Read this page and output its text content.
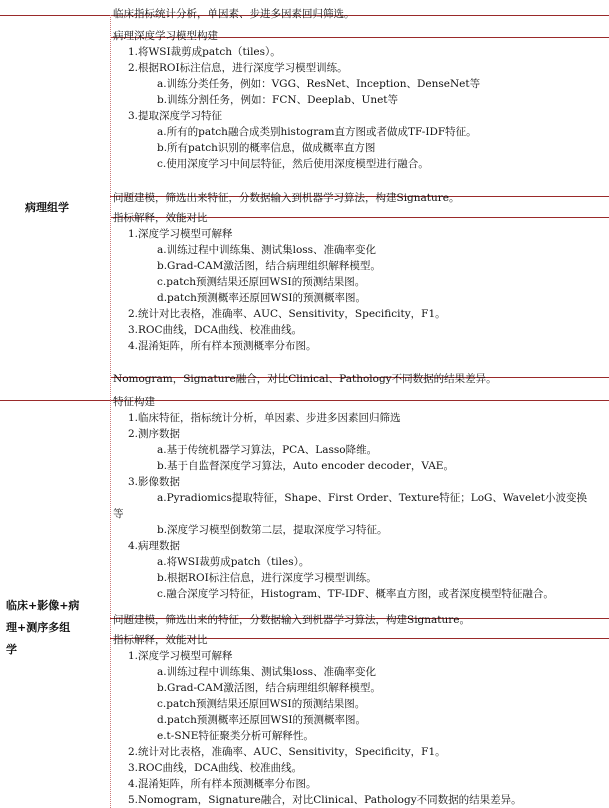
病理组学
临床+影像+病
理+测序多组
学
临床指标统计分析，单因素、步进多因素回归筛选。
病理深度学习模型构建
1.将WSI裁剪成patch（tiles）。
2.根据ROI标注信息，进行深度学习模型训练。
a.训练分类任务，例如：VGG、ResNet、Inception、DenseNet等
b.训练分割任务，例如：FCN、Deeplab、Unet等
3.提取深度学习特征
a.所有的patch融合成类别histogram直方图或者做成TF-IDF特征。
b.所有patch识别的概率信息，做成概率直方图
c.使用深度学习中间层特征，然后使用深度模型进行融合。
问题建模，筛选出来特征，分数据输入到机器学习算法，构建Signature。
指标解释，效能对比
1.深度学习模型可解释
a.训练过程中训练集、测试集loss、准确率变化
b.Grad-CAM激活图，结合病理组织解释模型。
c.patch预测结果还原回WSI的预测结果图。
d.patch预测概率还原回WSI的预测概率图。
2.统计对比表格，准确率、AUC、Sensitivity，Specificity，F1。
3.ROC曲线，DCA曲线、校准曲线。
4.混淆矩阵，所有样本预测概率分布图。
Nomogram，Signature融合，对比Clinical、Pathology不同数据的结果差异。
特征构建
1.临床特征，指标统计分析，单因素、步进多因素回归筛选
2.测序数据
a.基于传统机器学习算法，PCA、Lasso降维。
b.基于自监督深度学习算法，Auto encoder decoder，VAE。
3.影像数据
a.Pyradiomics提取特征，Shape、First Order、Texture特征；LoG、Wavelet小波变换
等
b.深度学习模型倒数第二层，提取深度学习特征。
4.病理数据
a.将WSI裁剪成patch（tiles）。
b.根据ROI标注信息，进行深度学习模型训练。
c.融合深度学习特征，Histogram、TF-IDF、概率直方图，或者深度模型特征融合。
问题建模，筛选出来的特征，分数据输入到机器学习算法，构建Signature。
指标解释，效能对比
1.深度学习模型可解释
a.训练过程中训练集、测试集loss、准确率变化
b.Grad-CAM激活图，结合病理组织解释模型。
c.patch预测结果还原回WSI的预测结果图。
d.patch预测概率还原回WSI的预测概率图。
e.t-SNE特征聚类分析可解释性。
2.统计对比表格，准确率、AUC、Sensitivity，Specificity，F1。
3.ROC曲线，DCA曲线、校准曲线。
4.混淆矩阵，所有样本预测概率分布图。
5.Nomogram，Signature融合，对比Clinical、Pathology不同数据的结果差异。
